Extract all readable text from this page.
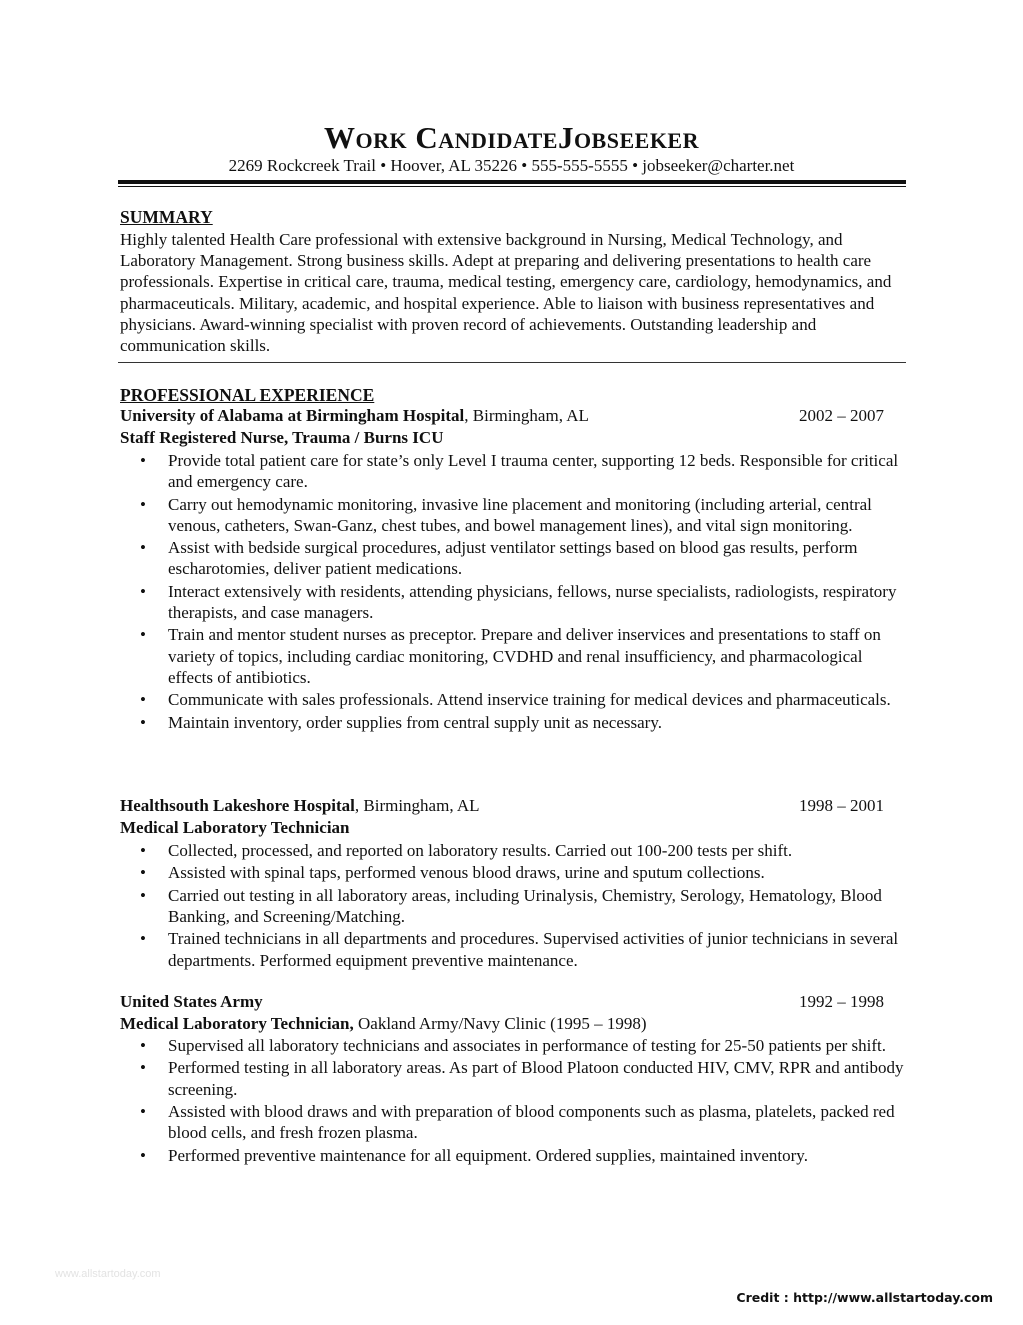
Work CandidateJobseeker
2269 Rockcreek Trail • Hoover, AL 35226 • 555-555-5555 • jobseeker@charter.net
SUMMARY
Highly talented Health Care professional with extensive background in Nursing, Medical Technology, and Laboratory Management. Strong business skills. Adept at preparing and delivering presentations to health care professionals. Expertise in critical care, trauma, medical testing, emergency care, cardiology, hemodynamics, and pharmaceuticals. Military, academic, and hospital experience. Able to liaison with business representatives and physicians. Award-winning specialist with proven record of achievements. Outstanding leadership and communication skills.
PROFESSIONAL EXPERIENCE
University of Alabama at Birmingham Hospital, Birmingham, AL	2002 – 2007
Staff Registered Nurse, Trauma / Burns ICU
• Provide total patient care for state’s only Level I trauma center, supporting 12 beds. Responsible for critical and emergency care.
• Carry out hemodynamic monitoring, invasive line placement and monitoring (including arterial, central venous, catheters, Swan-Ganz, chest tubes, and bowel management lines), and vital sign monitoring.
• Assist with bedside surgical procedures, adjust ventilator settings based on blood gas results, perform escharotomies, deliver patient medications.
• Interact extensively with residents, attending physicians, fellows, nurse specialists, radiologists, respiratory therapists, and case managers.
• Train and mentor student nurses as preceptor. Prepare and deliver inservices and presentations to staff on variety of topics, including cardiac monitoring, CVDHD and renal insufficiency, and pharmacological effects of antibiotics.
• Communicate with sales professionals. Attend inservice training for medical devices and pharmaceuticals.
• Maintain inventory, order supplies from central supply unit as necessary.
Healthsouth Lakeshore Hospital, Birmingham, AL	1998 – 2001
Medical Laboratory Technician
• Collected, processed, and reported on laboratory results. Carried out 100-200 tests per shift.
• Assisted with spinal taps, performed venous blood draws, urine and sputum collections.
• Carried out testing in all laboratory areas, including Urinalysis, Chemistry, Serology, Hematology, Blood Banking, and Screening/Matching.
• Trained technicians in all departments and procedures. Supervised activities of junior technicians in several departments. Performed equipment preventive maintenance.
United States Army	1992 – 1998
Medical Laboratory Technician, Oakland Army/Navy Clinic (1995 – 1998)
• Supervised all laboratory technicians and associates in performance of testing for 25-50 patients per shift.
• Performed testing in all laboratory areas. As part of Blood Platoon conducted HIV, CMV, RPR and antibody screening.
• Assisted with blood draws and with preparation of blood components such as plasma, platelets, packed red blood cells, and fresh frozen plasma.
• Performed preventive maintenance for all equipment. Ordered supplies, maintained inventory.
www.allstartoday.com
Credit : http://www.allstartoday.com
